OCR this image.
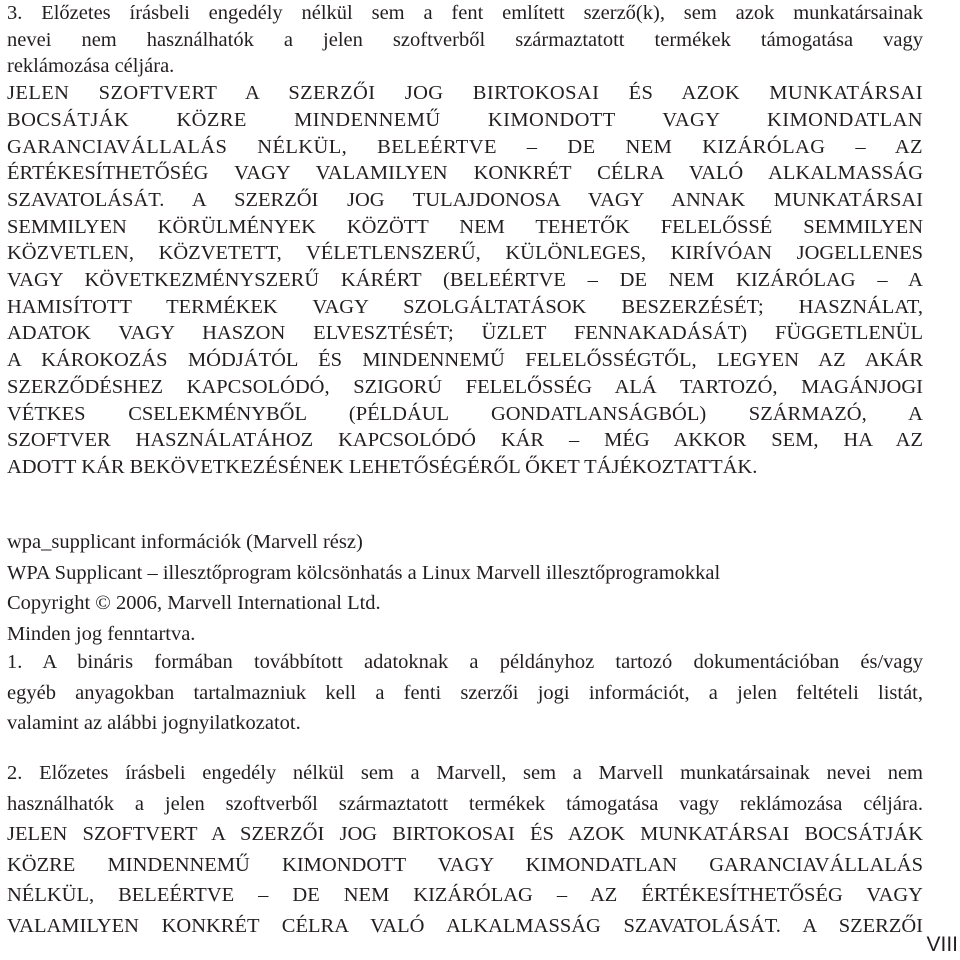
3. Előzetes írásbeli engedély nélkül sem a fent említett szerző(k), sem azok munkatársainak
nevei nem használhatók a jelen szoftverből származtatott termékek támogatása vagy
reklámozása céljára.
JELEN SZOFTVERT A SZERZŐI JOG BIRTOKOSAI ÉS AZOK MUNKATÁRSAI
BOCSÁTJÁK KÖZRE MINDENNEMŰ KIMONDOTT VAGY KIMONDATLAN
GARANCIAVÁLLALÁS NÉLKÜL, BELEÉRTVE – DE NEM KIZÁRÓLAG – AZ
ÉRTÉKESÍTHETŐSÉG VAGY VALAMILYEN KONKRÉT CÉLRA VALÓ ALKALMASSÁG
SZAVATOLÁSÁT. A SZERZŐI JOG TULAJDONOSA VAGY ANNAK MUNKATÁRSAI
SEMMILYEN KÖRÜLMÉNYEK KÖZÖTT NEM TEHETŐK FELELŐSSÉ SEMMILYEN
KÖZVETLEN, KÖZVETETT, VÉLETLENSZERŰ, KÜLÖNLEGES, KIRÍVÓAN JOGELLENES
VAGY KÖVETKEZMÉNYSZERŰ KÁRÉRT (BELEÉRTVE – DE NEM KIZÁRÓLAG – A
HAMISÍTOTT TERMÉKEK VAGY SZOLGÁLTATÁSOK BESZERZÉSÉT; HASZNÁLAT,
ADATOK VAGY HASZON ELVESZTÉSÉT; ÜZLET FENNAKADÁSÁT) FÜGGETLENÜL
A KÁROKOZÁS MÓDJÁTÓL ÉS MINDENNEMŰ FELELŐSSÉGTŐL, LEGYEN AZ AKÁR
SZERZŐDÉSHEZ KAPCSOLÓDÓ, SZIGORÚ FELELŐSSÉG ALÁ TARTOZÓ, MAGÁNJOGI
VÉTKES CSELEKMÉNYBŐL (PÉLDÁUL GONDATLANSÁGBÓL) SZÁRMAZÓ, A
SZOFTVER HASZNÁLATÁHOZ KAPCSOLÓDÓ KÁR – MÉG AKKOR SEM, HA AZ
ADOTT KÁR BEKÖVETKEZÉSÉNEK LEHETŐSÉGÉRŐL ŐKET TÁJÉKOZTATTÁK.

wpa_supplicant információk (Marvell rész)

WPA Supplicant – illesztőprogram kölcsönhatás a Linux Marvell illesztőprogramokkal

Copyright © 2006, Marvell International Ltd.

Minden jog fenntartva.

1. A bináris formában továbbított adatoknak a példányhoz tartozó dokumentációban és/vagy
egyéb anyagokban tartalmazniuk kell a fenti szerzői jogi információt, a jelen feltételi listát,
valamint az alábbi jognyilatkozatot.
2. Előzetes írásbeli engedély nélkül sem a Marvell, sem a Marvell munkatársainak nevei nem
használhatók a jelen szoftverből származtatott termékek támogatása vagy reklámozása céljára.
JELEN SZOFTVERT A SZERZŐI JOG BIRTOKOSAI ÉS AZOK MUNKATÁRSAI BOCSÁTJÁK
KÖZRE MINDENNEMŰ KIMONDOTT VAGY KIMONDATLAN GARANCIAVÁLLALÁS
NÉLKÜL, BELEÉRTVE – DE NEM KIZÁRÓLAG – AZ ÉRTÉKESÍTHETŐSÉG VAGY
VALAMILYEN KONKRÉT CÉLRA VALÓ ALKALMASSÁG SZAVATOLÁSÁT. A SZERZŐI
VIII
